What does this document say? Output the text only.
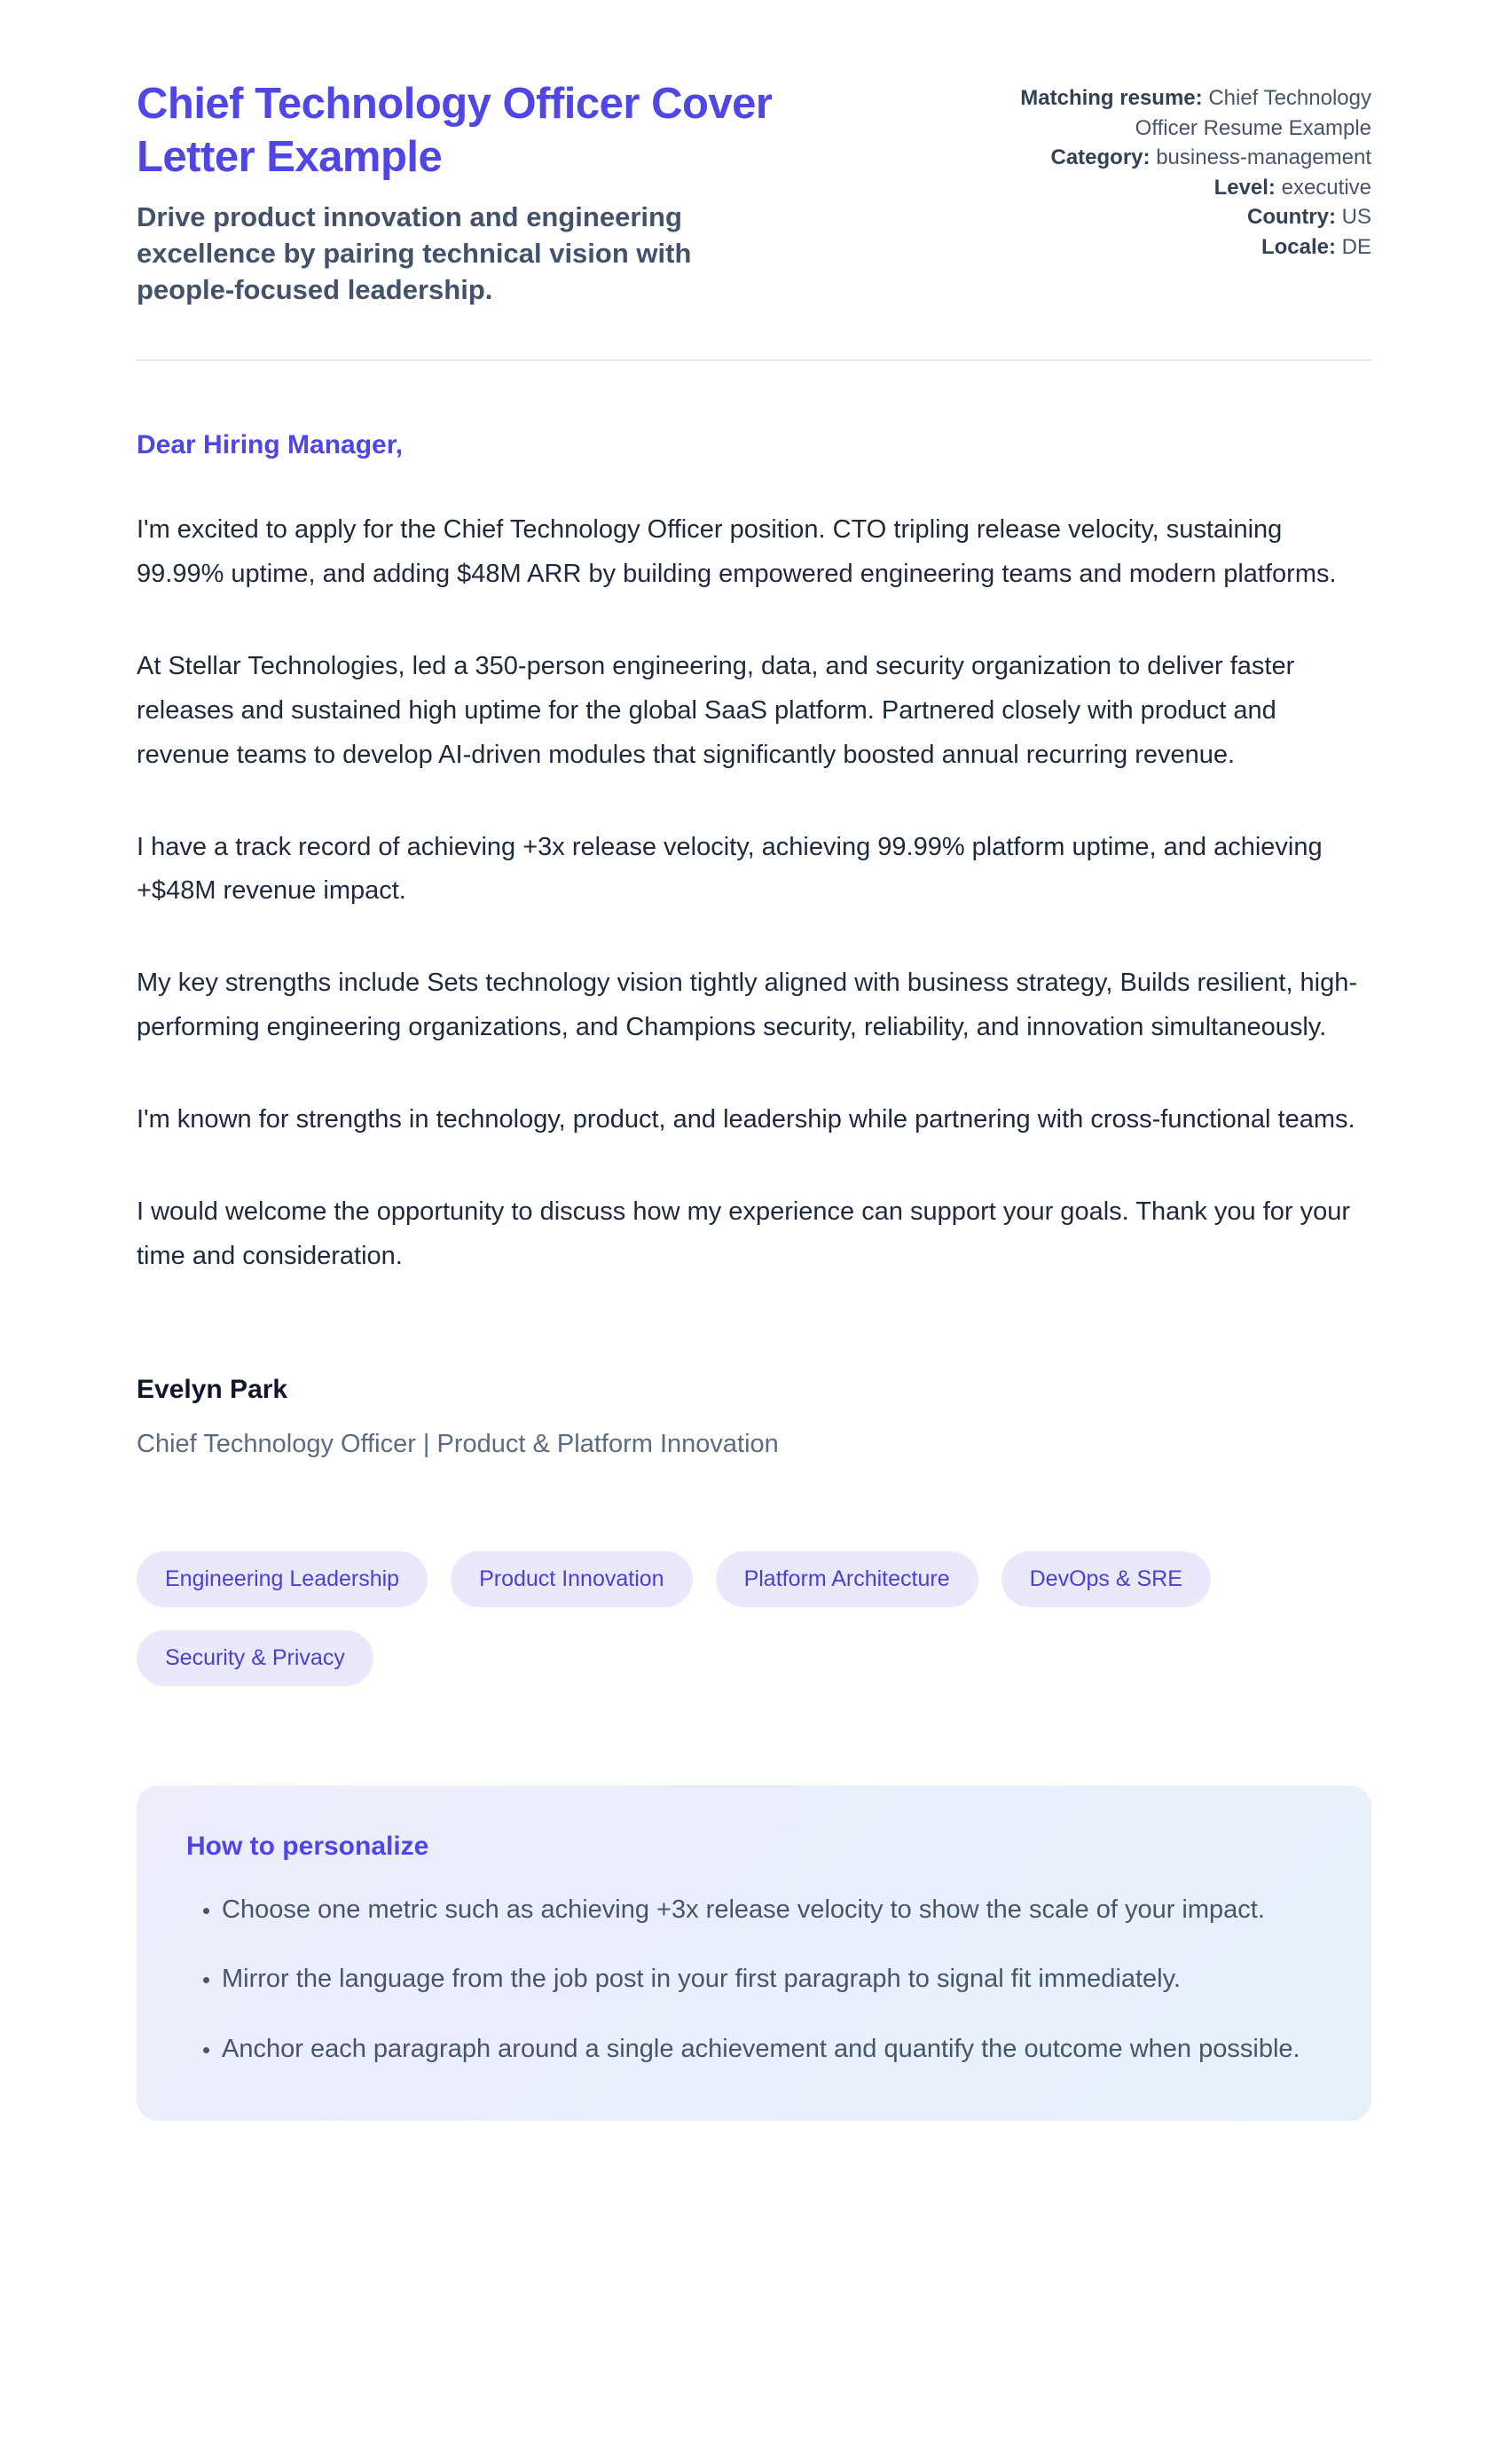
Chief Technology Officer Cover Letter Example

Drive product innovation and engineering excellence by pairing technical vision with people-focused leadership.

Matching resume: Chief Technology Officer Resume Example
Category: business-management
Level: executive
Country: US
Locale: DE

Dear Hiring Manager,

I'm excited to apply for the Chief Technology Officer position. CTO tripling release velocity, sustaining 99.99% uptime, and adding $48M ARR by building empowered engineering teams and modern platforms.

At Stellar Technologies, led a 350-person engineering, data, and security organization to deliver faster releases and sustained high uptime for the global SaaS platform. Partnered closely with product and revenue teams to develop AI-driven modules that significantly boosted annual recurring revenue.

I have a track record of achieving +3x release velocity, achieving 99.99% platform uptime, and achieving +$48M revenue impact.

My key strengths include Sets technology vision tightly aligned with business strategy, Builds resilient, high-performing engineering organizations, and Champions security, reliability, and innovation simultaneously.

I'm known for strengths in technology, product, and leadership while partnering with cross-functional teams.

I would welcome the opportunity to discuss how my experience can support your goals. Thank you for your time and consideration.

Evelyn Park

Chief Technology Officer | Product & Platform Innovation

Engineering Leadership	Product Innovation	Platform Architecture	DevOps & SRE
Security & Privacy
How to personalize
• Choose one metric such as achieving +3x release velocity to show the scale of your impact.
• Mirror the language from the job post in your first paragraph to signal fit immediately.
• Anchor each paragraph around a single achievement and quantify the outcome when possible.
